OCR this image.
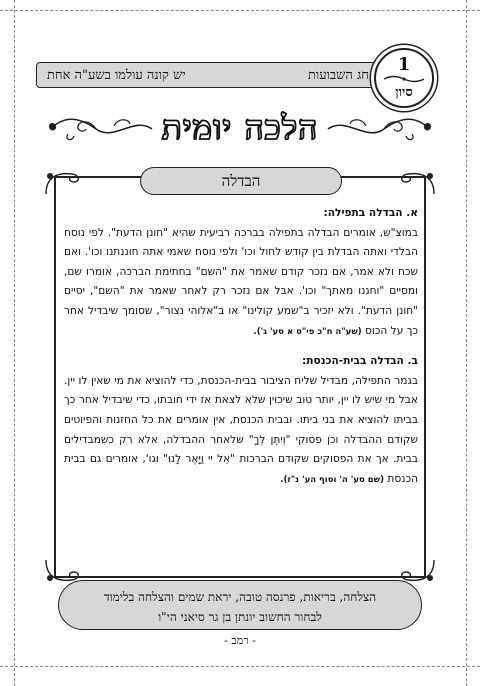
חג השבועות
יש קונה עולמו בשע"ה אחת
1
סיון
הלכה יומית
הבדלה

א. הבדלה בתפילה:

במוצ"ש, אומרים הבדלה בתפילה בברכה רביעית שהיא "חונן הדעת". לפי נוסח הבלדי ואתה הבדלת בין קודש לחול וכו' ולפי נוסח שאמי אתה חוננתנו וכו'. ואם שכח ולא אמר, אם נזכר קודם שאמר את "השם" בחתימת הברכה, אומרו שם, ומסיים "וחננו מאתך" וכו'. אבל אם נזכר רק לאחר שאמר את "השם", יסיים "חונן הדעת". ולא יזכיר ב"שמע קולינו" או ב"אלוהי נצור", שסומך שיבדיל אחר כך על הכוס (שע"ה ח"כ פי"ס א סע' ג').

ב. הבדלה בבית-הכנסת:

בגמר התפילה, מבדיל שליח הציבור בבית-הכנסת, כדי להוציא את מי שאין לו יין. אבל מי שיש לו יין, יותר טוב שיכוין שלא לצאת אז ידי חובתו, כדי שיבדיל אחר כך בביתו להוציא את בני ביתו. ובבית הכנסת, אין אומרים את כל החזנות והפיוטים שקודם ההבדלה וכן פסוקי "וְיִתֶּן לְךָ" שלאחר ההבדלה, אלא רק כשמבדילים בבית. אך את הפסוקים שקודם הברכות "אֵל יי וַיָּאֶר לָנוּ" וגו', אומרים גם בבית הכנסת (שם סע' ה' וסוף הע' נ"ז).

הצלחה, בריאות, פרנסה טובה, יראת שמים והצלחה בלימוד
לבחור החשוב יונתן בן גר סיאני הי"ו
- רמב -
